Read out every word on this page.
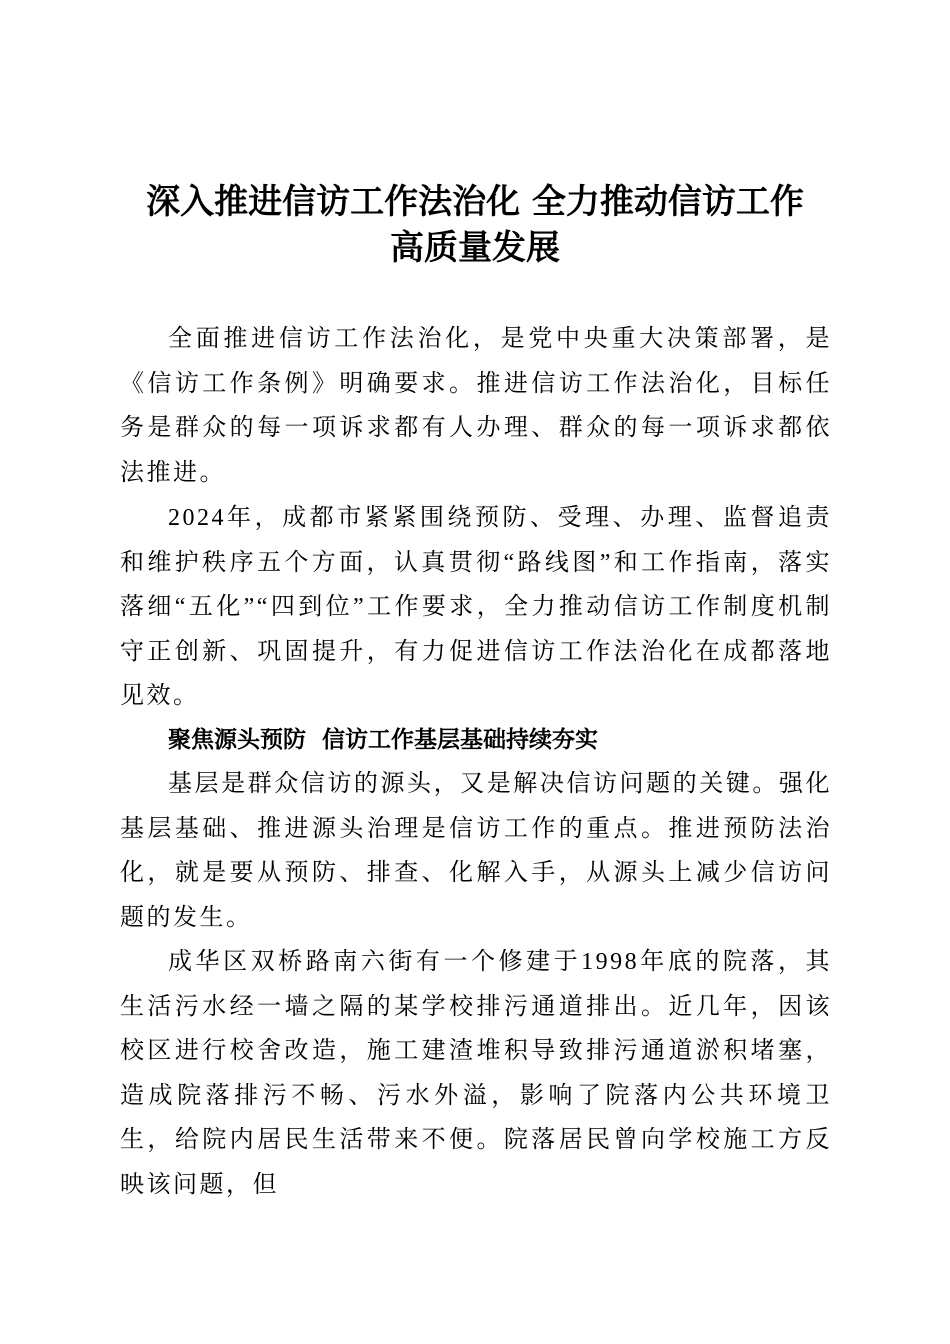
深入推进信访工作法治化 全力推动信访工作
高质量发展

全面推进信访工作法治化，是党中央重大决策部署，是《信访工作条例》明确要求。推进信访工作法治化，目标任务是群众的每一项诉求都有人办理、群众的每一项诉求都依法推进。

2024年，成都市紧紧围绕预防、受理、办理、监督追责和维护秩序五个方面，认真贯彻“路线图”和工作指南，落实落细“五化”“四到位”工作要求，全力推动信访工作制度机制守正创新、巩固提升，有力促进信访工作法治化在成都落地见效。

聚焦源头预防  信访工作基层基础持续夯实

基层是群众信访的源头，又是解决信访问题的关键。强化基层基础、推进源头治理是信访工作的重点。推进预防法治化，就是要从预防、排查、化解入手，从源头上减少信访问题的发生。

成华区双桥路南六街有一个修建于1998年底的院落，其生活污水经一墙之隔的某学校排污通道排出。近几年，因该校区进行校舍改造，施工建渣堆积导致排污通道淤积堵塞，造成院落排污不畅、污水外溢，影响了院落内公共环境卫生，给院内居民生活带来不便。院落居民曾向学校施工方反映该问题，但
